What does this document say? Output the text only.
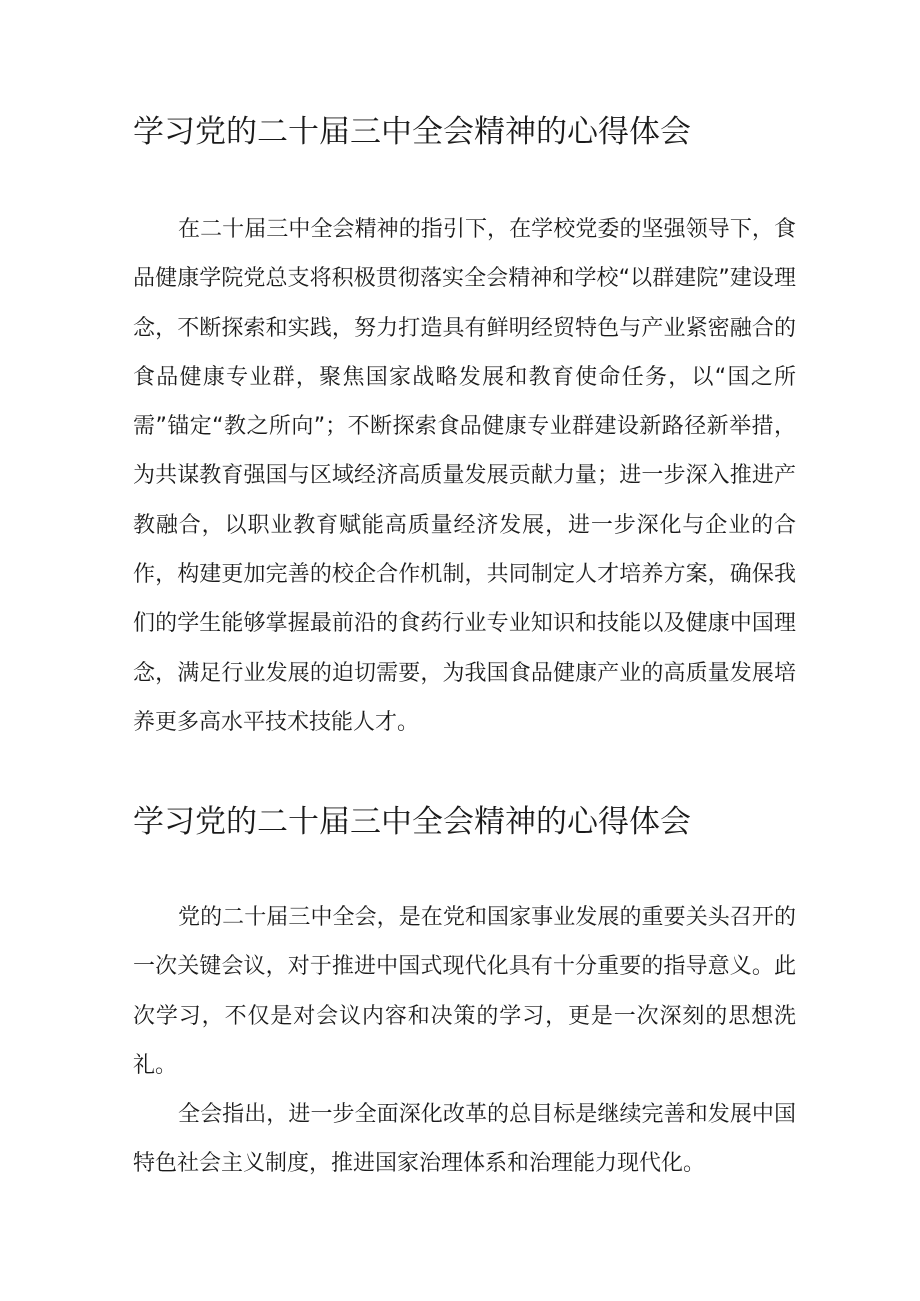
学习党的二十届三中全会精神的心得体会

在二十届三中全会精神的指引下，在学校党委的坚强领导下，食品健康学院党总支将积极贯彻落实全会精神和学校“以群建院”建设理念，不断探索和实践，努力打造具有鲜明经贸特色与产业紧密融合的食品健康专业群，聚焦国家战略发展和教育使命任务，以“国之所需”锚定“教之所向”；不断探索食品健康专业群建设新路径新举措，为共谋教育强国与区域经济高质量发展贡献力量；进一步深入推进产教融合，以职业教育赋能高质量经济发展，进一步深化与企业的合作，构建更加完善的校企合作机制，共同制定人才培养方案，确保我们的学生能够掌握最前沿的食药行业专业知识和技能以及健康中国理念，满足行业发展的迫切需要，为我国食品健康产业的高质量发展培养更多高水平技术技能人才。

学习党的二十届三中全会精神的心得体会

党的二十届三中全会，是在党和国家事业发展的重要关头召开的一次关键会议，对于推进中国式现代化具有十分重要的指导意义。此次学习，不仅是对会议内容和决策的学习，更是一次深刻的思想洗礼。

全会指出，进一步全面深化改革的总目标是继续完善和发展中国特色社会主义制度，推进国家治理体系和治理能力现代化。
